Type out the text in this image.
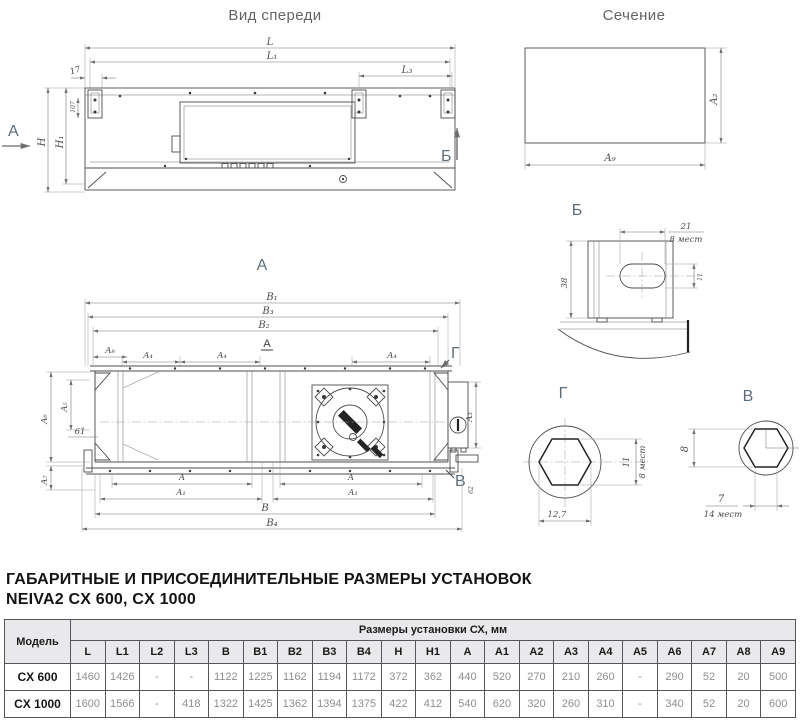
Вид спереди
L
L₁
L₃
17
H H₁
107
А
Б
Сечение
A₂
A₉
Б
21
8 мест
38
11
А
B₁
B₃
B₂
А
A₈	A₄	A₄	A₄	Г
A₅
A₆
61
A₇
A₃
В 62
A	A
A₁	A₁
B
B₄
Г
11 8 мест
12,7
В
8
7
14 мест
ГАБАРИТНЫЕ И ПРИСОЕДИНИТЕЛЬНЫЕ РАЗМЕРЫ УСТАНОВОК
NEIVA2 CX 600, CX 1000
Модель	Размеры установки СХ, мм																				
	L	L1	L2	L3	B	B1	B2	B3	B4	H	H1	A	A1	A2	A3	A4	A5	A6	A7	A8	A9
CX 600	1460	1426	-	-	1122	1225	1162	1194	1172	372	362	440	520	270	210	260	-	290	52	20	500
CX 1000	1600	1566	-	418	1322	1425	1362	1394	1375	422	412	540	620	320	260	310	-	340	52	20	600
